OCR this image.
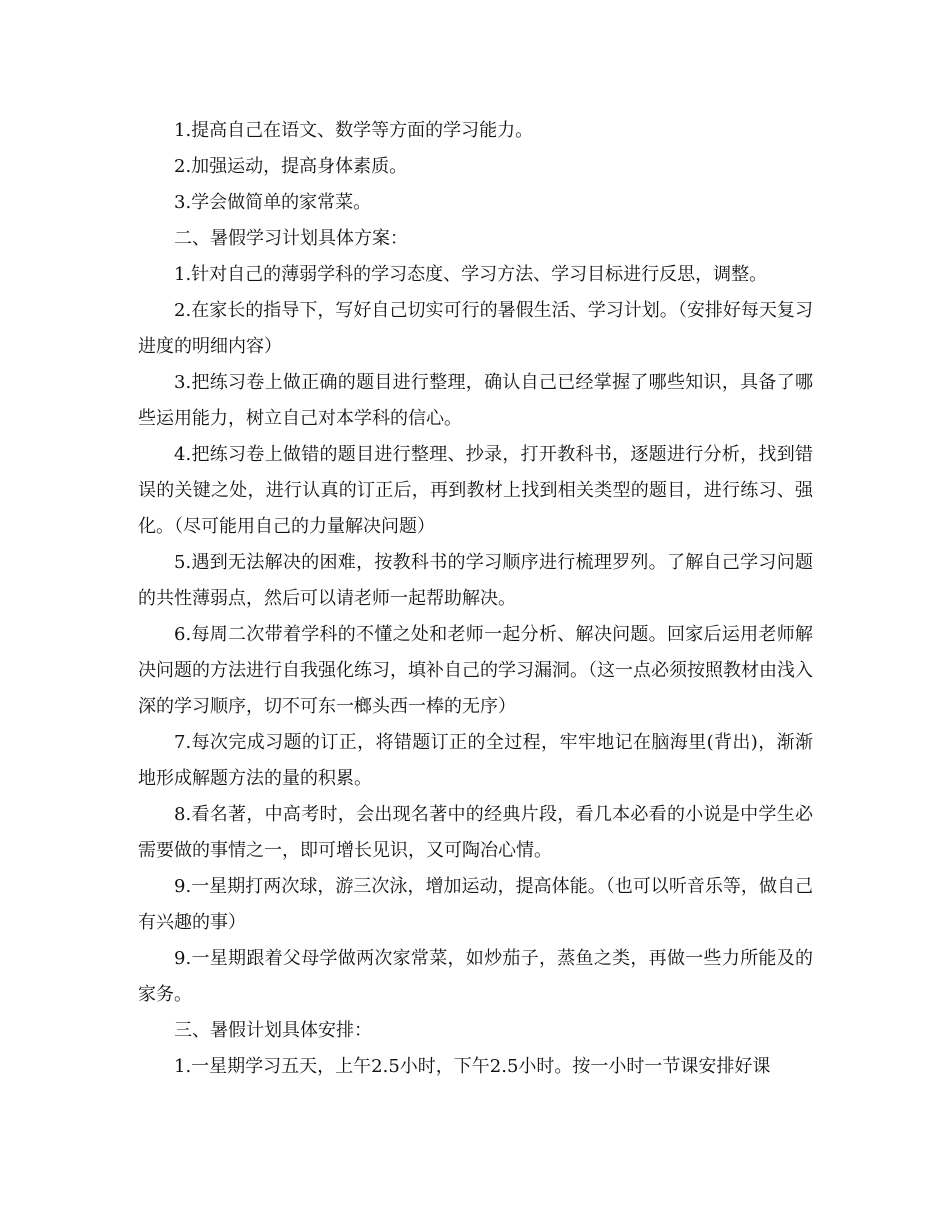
1.提高自己在语文、数学等方面的学习能力。

2.加强运动，提高身体素质。

3.学会做简单的家常菜。

二、暑假学习计划具体方案：

1.针对自己的薄弱学科的学习态度、学习方法、学习目标进行反思，调整。

2.在家长的指导下，写好自己切实可行的暑假生活、学习计划。（安排好每天复习进度的明细内容）

3.把练习卷上做正确的题目进行整理，确认自己已经掌握了哪些知识，具备了哪些运用能力，树立自己对本学科的信心。

4.把练习卷上做错的题目进行整理、抄录，打开教科书，逐题进行分析，找到错误的关键之处，进行认真的订正后，再到教材上找到相关类型的题目，进行练习、强化。（尽可能用自己的力量解决问题）

5.遇到无法解决的困难，按教科书的学习顺序进行梳理罗列。了解自己学习问题的共性薄弱点，然后可以请老师一起帮助解决。

6.每周二次带着学科的不懂之处和老师一起分析、解决问题。回家后运用老师解决问题的方法进行自我强化练习，填补自己的学习漏洞。（这一点必须按照教材由浅入深的学习顺序，切不可东一榔头西一棒的无序）

7.每次完成习题的订正，将错题订正的全过程，牢牢地记在脑海里(背出)，渐渐地形成解题方法的量的积累。

8.看名著，中高考时，会出现名著中的经典片段，看几本必看的小说是中学生必需要做的事情之一，即可增长见识，又可陶冶心情。

9.一星期打两次球，游三次泳，增加运动，提高体能。（也可以听音乐等，做自己有兴趣的事）

9.一星期跟着父母学做两次家常菜，如炒茄子，蒸鱼之类，再做一些力所能及的家务。

三、暑假计划具体安排：

1.一星期学习五天，上午2.5小时，下午2.5小时。按一小时一节课安排好课
